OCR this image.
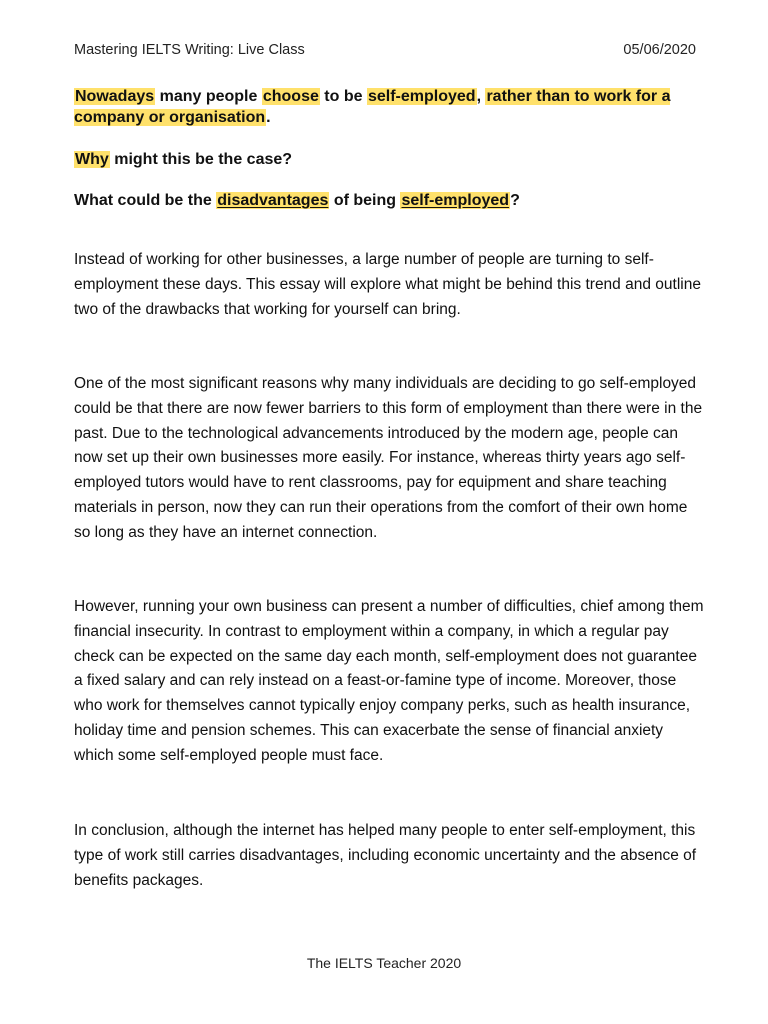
Mastering IELTS Writing: Live Class	05/06/2020

Nowadays many people choose to be self-employed, rather than to work for a company or organisation.

Why might this be the case?

What could be the disadvantages of being self-employed?

Instead of working for other businesses, a large number of people are turning to self-employment these days. This essay will explore what might be behind this trend and outline two of the drawbacks that working for yourself can bring.

One of the most significant reasons why many individuals are deciding to go self-employed could be that there are now fewer barriers to this form of employment than there were in the past. Due to the technological advancements introduced by the modern age, people can now set up their own businesses more easily. For instance, whereas thirty years ago self-employed tutors would have to rent classrooms, pay for equipment and share teaching materials in person, now they can run their operations from the comfort of their own home so long as they have an internet connection.

However, running your own business can present a number of difficulties, chief among them financial insecurity. In contrast to employment within a company, in which a regular pay check can be expected on the same day each month, self-employment does not guarantee a fixed salary and can rely instead on a feast-or-famine type of income. Moreover, those who work for themselves cannot typically enjoy company perks, such as health insurance, holiday time and pension schemes. This can exacerbate the sense of financial anxiety which some self-employed people must face.

In conclusion, although the internet has helped many people to enter self-employment, this type of work still carries disadvantages, including economic uncertainty and the absence of benefits packages.

The IELTS Teacher 2020
